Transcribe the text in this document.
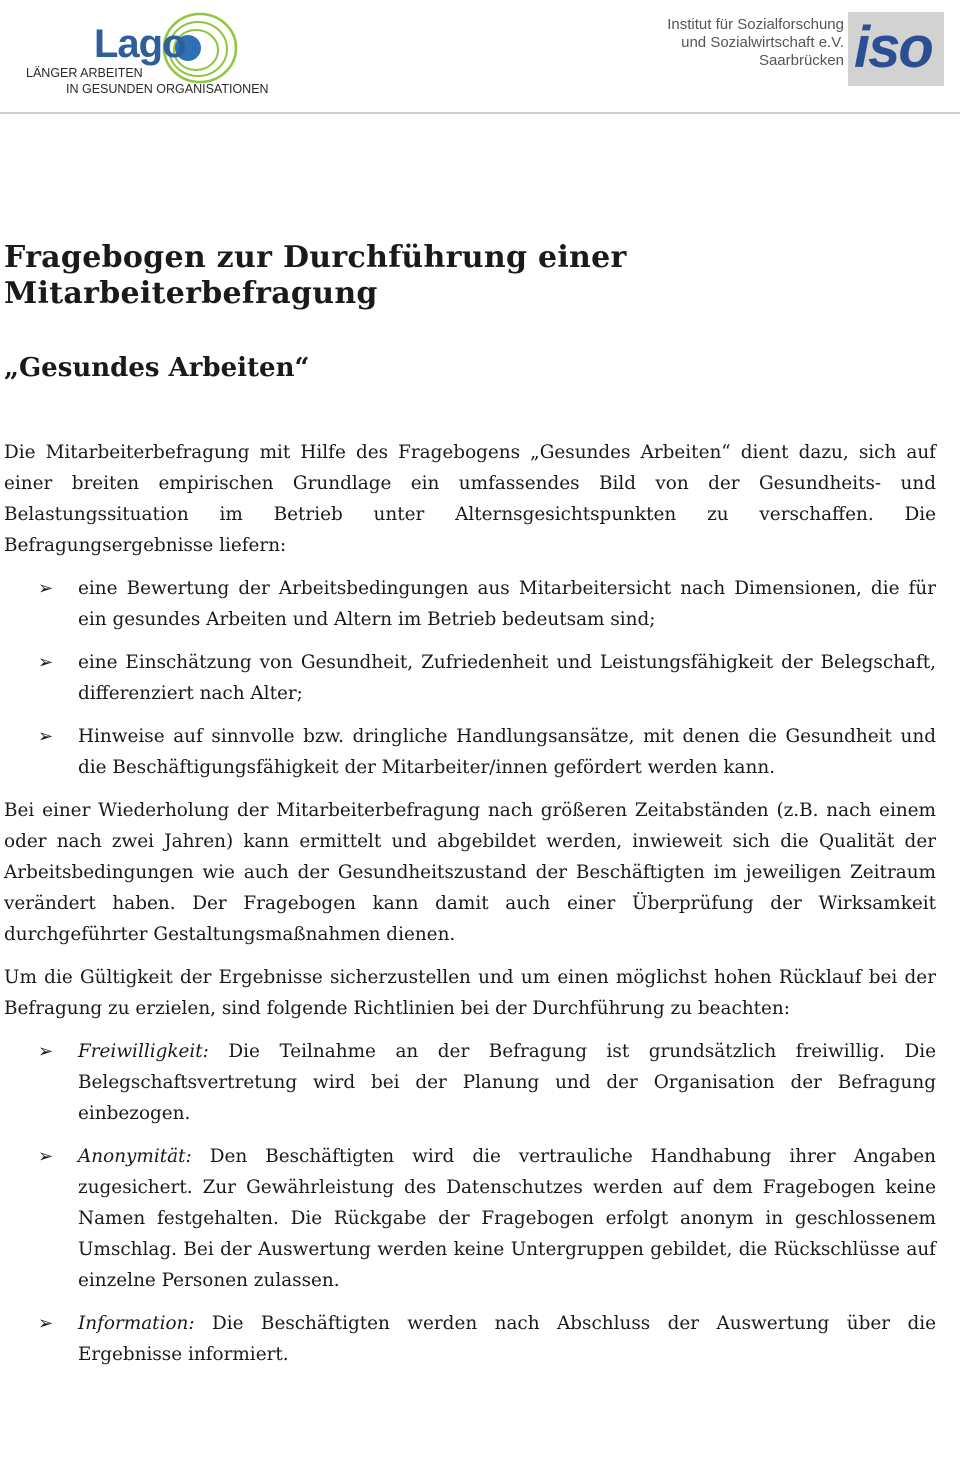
Lago
LÄNGER ARBEITEN
IN GESUNDEN ORGANISATIONEN
Institut für Sozialforschung
und Sozialwirtschaft e.V.
Saarbrücken iso
Fragebogen zur Durchführung einer Mitarbeiterbefragung
„Gesundes Arbeiten“

Die Mitarbeiterbefragung mit Hilfe des Fragebogens „Gesundes Arbeiten“ dient dazu, sich auf einer breiten empirischen Grundlage ein umfassendes Bild von der Gesundheits- und Belastungssituation im Betrieb unter Alternsgesichtspunkten zu verschaffen. Die Befragungsergebnisse liefern:

➢ eine Bewertung der Arbeitsbedingungen aus Mitarbeitersicht nach Dimensionen, die für ein gesundes Arbeiten und Altern im Betrieb bedeutsam sind;
➢ eine Einschätzung von Gesundheit, Zufriedenheit und Leistungsfähigkeit der Belegschaft, differenziert nach Alter;
➢ Hinweise auf sinnvolle bzw. dringliche Handlungsansätze, mit denen die Gesundheit und die Beschäftigungsfähigkeit der Mitarbeiter/innen gefördert werden kann.

Bei einer Wiederholung der Mitarbeiterbefragung nach größeren Zeitabständen (z.B. nach einem oder nach zwei Jahren) kann ermittelt und abgebildet werden, inwieweit sich die Qualität der Arbeitsbedingungen wie auch der Gesundheitszustand der Beschäftigten im jeweiligen Zeitraum verändert haben. Der Fragebogen kann damit auch einer Überprüfung der Wirksamkeit durchgeführter Gestaltungsmaßnahmen dienen.

Um die Gültigkeit der Ergebnisse sicherzustellen und um einen möglichst hohen Rücklauf bei der Befragung zu erzielen, sind folgende Richtlinien bei der Durchführung zu beachten:

➢ Freiwilligkeit: Die Teilnahme an der Befragung ist grundsätzlich freiwillig. Die Belegschaftsvertretung wird bei der Planung und der Organisation der Befragung einbezogen.
➢ Anonymität: Den Beschäftigten wird die vertrauliche Handhabung ihrer Angaben zugesichert. Zur Gewährleistung des Datenschutzes werden auf dem Fragebogen keine Namen festgehalten. Die Rückgabe der Fragebogen erfolgt anonym in geschlossenem Umschlag. Bei der Auswertung werden keine Untergruppen gebildet, die Rückschlüsse auf einzelne Personen zulassen.
➢ Information: Die Beschäftigten werden nach Abschluss der Auswertung über die Ergebnisse informiert.
